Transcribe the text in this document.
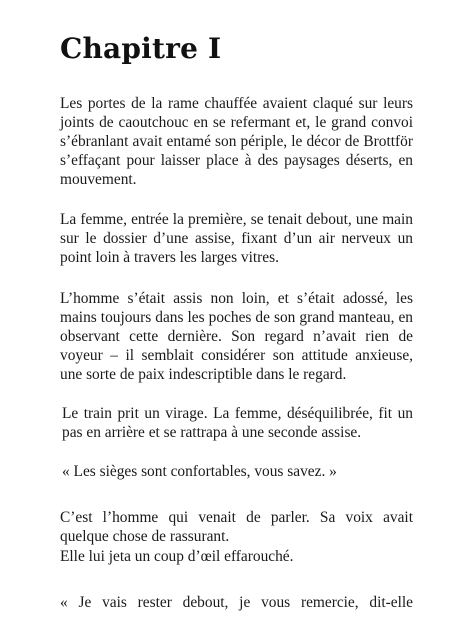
Chapitre I

Les portes de la rame chauffée avaient claqué sur leurs joints de caoutchouc en se refermant et, le grand convoi s’ébranlant avait entamé son périple, le décor de Brottför s’effaçant pour laisser place à des paysages déserts, en mouvement.

La femme, entrée la première, se tenait debout, une main sur le dossier d’une assise, fixant d’un air nerveux un point loin à travers les larges vitres.

L’homme s’était assis non loin, et s’était adossé, les mains toujours dans les poches de son grand manteau, en observant cette dernière. Son regard n’avait rien de voyeur – il semblait considérer son attitude anxieuse, une sorte de paix indescriptible dans le regard.

Le train prit un virage. La femme, déséquilibrée, fit un pas en arrière et se rattrapa à une seconde assise.

« Les sièges sont confortables, vous savez. »

C’est l’homme qui venait de parler. Sa voix avait quelque chose de rassurant.

Elle lui jeta un coup d’œil effarouché.

« Je vais rester debout, je vous remercie, dit-elle
